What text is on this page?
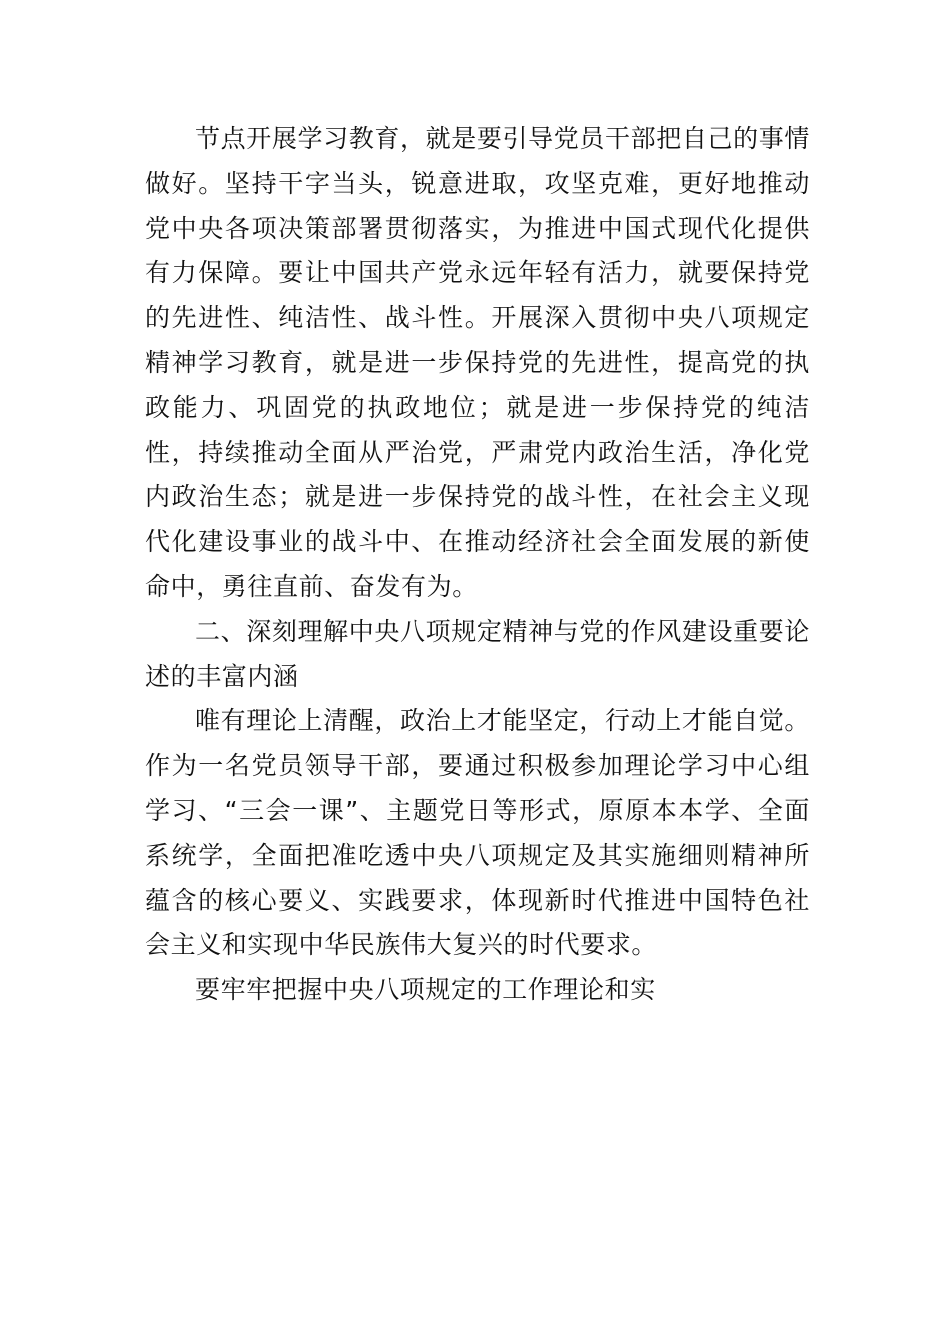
节点开展学习教育，就是要引导党员干部把自己的事情做好。坚持干字当头，锐意进取，攻坚克难，更好地推动党中央各项决策部署贯彻落实，为推进中国式现代化提供有力保障。要让中国共产党永远年轻有活力，就要保持党的先进性、纯洁性、战斗性。开展深入贯彻中央八项规定精神学习教育，就是进一步保持党的先进性，提高党的执政能力、巩固党的执政地位；就是进一步保持党的纯洁性，持续推动全面从严治党，严肃党内政治生活，净化党内政治生态；就是进一步保持党的战斗性，在社会主义现代化建设事业的战斗中、在推动经济社会全面发展的新使命中，勇往直前、奋发有为。

二、深刻理解中央八项规定精神与党的作风建设重要论述的丰富内涵

唯有理论上清醒，政治上才能坚定，行动上才能自觉。作为一名党员领导干部，要通过积极参加理论学习中心组学习、“三会一课”、主题党日等形式，原原本本学、全面系统学，全面把准吃透中央八项规定及其实施细则精神所蕴含的核心要义、实践要求，体现新时代推进中国特色社会主义和实现中华民族伟大复兴的时代要求。

要牢牢把握中央八项规定的工作理论和实
